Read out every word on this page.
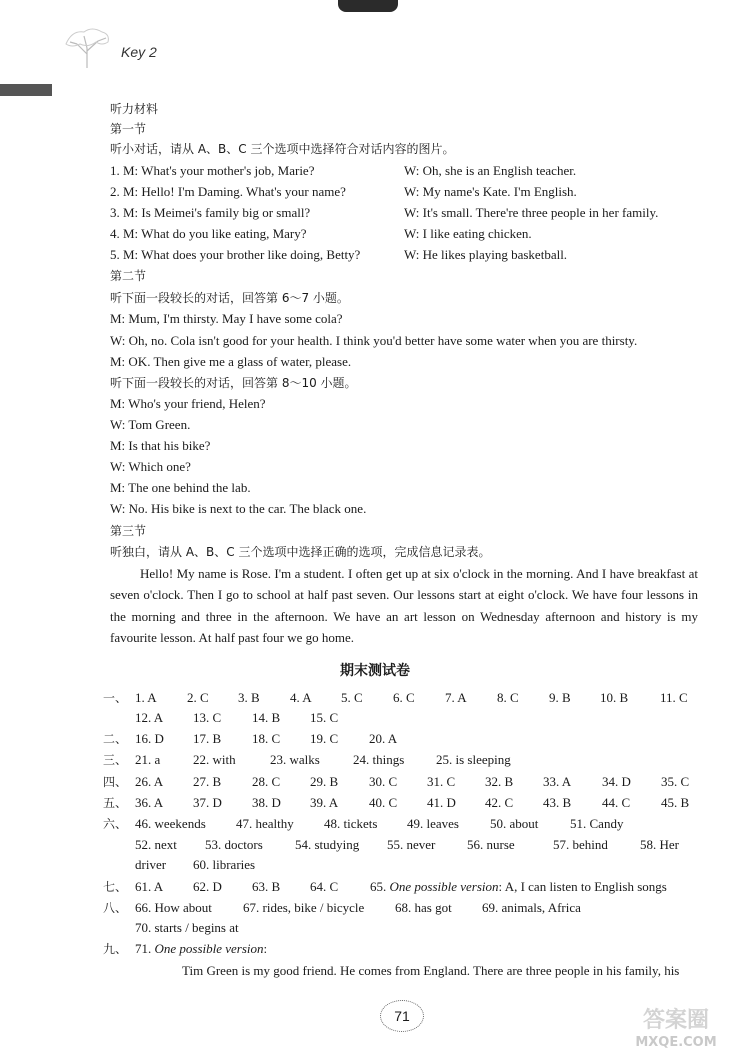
Key 2
听力材料
第一节
听小对话，请从 A、B、C 三个选项中选择符合对话内容的图片。
1. M: What's your mother's job, Marie?	W: Oh, she is an English teacher.
2. M: Hello! I'm Daming. What's your name?	W: My name's Kate. I'm English.
3. M: Is Meimei's family big or small?	W: It's small. There're three people in her family.
4. M: What do you like eating, Mary?	W: I like eating chicken.
5. M: What does your brother like doing, Betty?	W: He likes playing basketball.
第二节
听下面一段较长的对话，回答第 6～7 小题。
M: Mum, I'm thirsty. May I have some cola?
W: Oh, no. Cola isn't good for your health. I think you'd better have some water when you are thirsty.
M: OK. Then give me a glass of water, please.
听下面一段较长的对话，回答第 8～10 小题。
M: Who's your friend, Helen?
W: Tom Green.
M: Is that his bike?
W: Which one?
M: The one behind the lab.
W: No. His bike is next to the car. The black one.
第三节
听独白，请从 A、B、C 三个选项中选择正确的选项，完成信息记录表。
Hello! My name is Rose. I'm a student. I often get up at six o'clock in the morning. And I have breakfast at seven o'clock. Then I go to school at half past seven. Our lessons start at eight o'clock. We have four lessons in the morning and three in the afternoon. We have an art lesson on Wednesday afternoon and history is my favourite lesson. At half past four we go home.
期末测试卷
一、 1. A 2. C 3. B 4. A 5. C 6. C 7. A 8. C 9. B 10. B 11. C
12. A 13. C 14. B 15. C
二、 16. D 17. B 18. C 19. C 20. A
三、 21. a	22. with	23. walks	24. things 25. is sleeping
四、 26. A 27. B 28. C 29. B 30. C 31. C 32. B 33. A 34. D 35. C
五、 36. A 37. D 38. D 39. A 40. C 41. D 42. C 43. B 44. C 45. B
六、 46. weekends 47. healthy 48. tickets 49. leaves 50. about 51. Candy
52. next 53. doctors 54. studying 55. never 56. nurse	57. behind 58. Her
driver 60. libraries
七、 61. A 62. D 63. B 64. C 65. One possible version: A, I can listen to English songs
八、 66. How about 67. rides, bike / bicycle 68. has got 69. animals, Africa
70. starts / begins at
九、 71. One possible version:
Tim Green is my good friend. He comes from England. There are three people in his family, his
71	答案圈
MXQE.COM
